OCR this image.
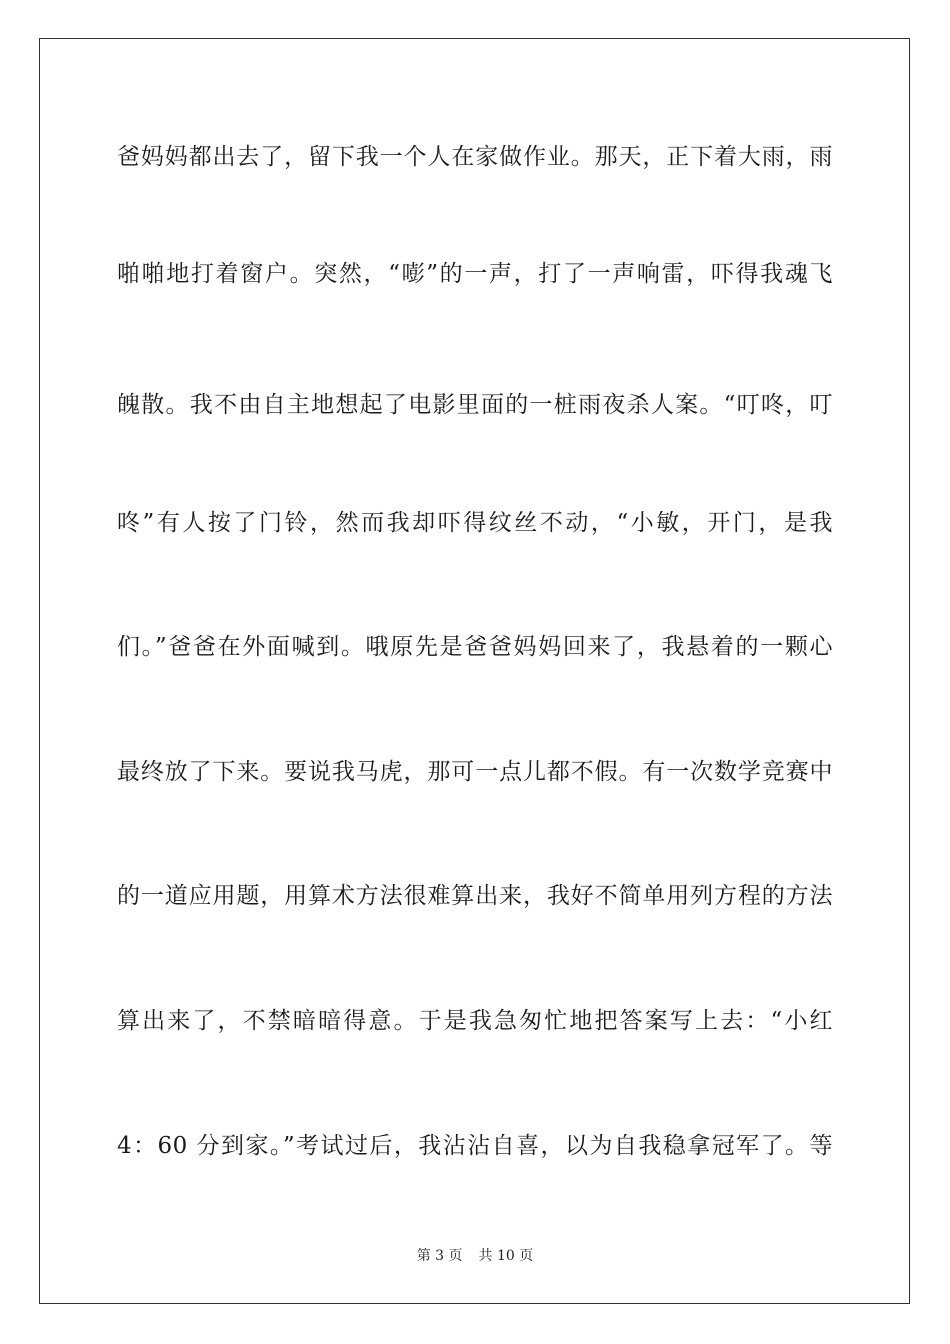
爸妈妈都出去了，留下我一个人在家做作业。那天，正下着大雨，雨
啪啪地打着窗户。突然，“嘭”的一声，打了一声响雷，吓得我魂飞
魄散。我不由自主地想起了电影里面的一桩雨夜杀人案。“叮咚，叮
咚”有人按了门铃，然而我却吓得纹丝不动，“小敏，开门，是我
们。”爸爸在外面喊到。哦原先是爸爸妈妈回来了，我悬着的一颗心
最终放了下来。要说我马虎，那可一点儿都不假。有一次数学竞赛中
的一道应用题，用算术方法很难算出来，我好不简单用列方程的方法
算出来了，不禁暗暗得意。于是我急匆忙地把答案写上去：“小红
4：60 分到家。”考试过后，我沾沾自喜，以为自我稳拿冠军了。等
第 3 页 共 10 页
